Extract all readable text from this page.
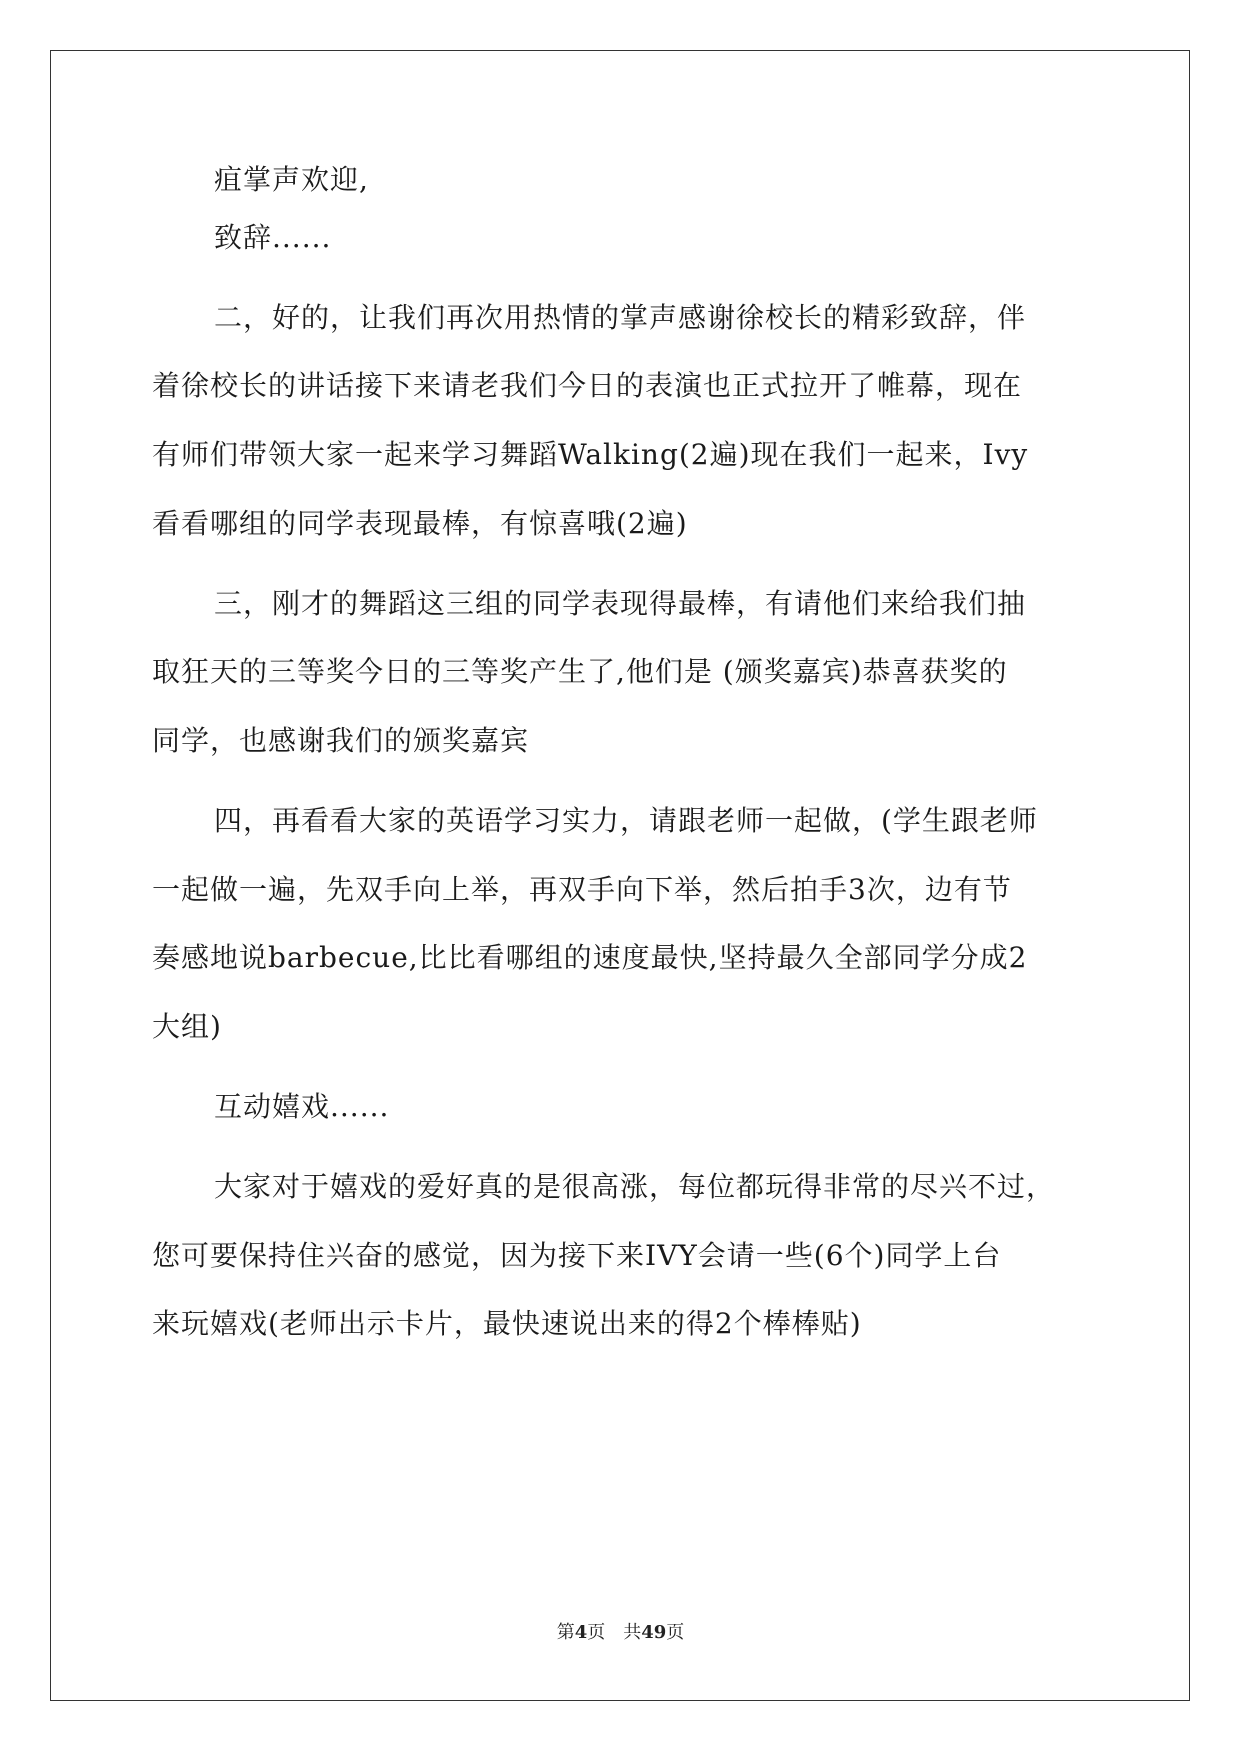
疽掌声欢迎,
致辞......
二，好的，让我们再次用热情的掌声感谢徐校长的精彩致辞，伴
着徐校长的讲话接下来请老我们今日的表演也正式拉开了帷幕，现在
有师们带领大家一起来学习舞蹈Walking(2遍)现在我们一起来，Ivy
看看哪组的同学表现最棒，有惊喜哦(2遍)
三，刚才的舞蹈这三组的同学表现得最棒，有请他们来给我们抽
取狂天的三等奖今日的三等奖产生了,他们是 (颁奖嘉宾)恭喜获奖的
同学，也感谢我们的颁奖嘉宾
四，再看看大家的英语学习实力，请跟老师一起做，(学生跟老师
一起做一遍，先双手向上举，再双手向下举，然后拍手3次，边有节
奏感地说barbecue,比比看哪组的速度最快,坚持最久全部同学分成2
大组)
互动嬉戏......
大家对于嬉戏的爱好真的是很高涨，每位都玩得非常的尽兴不过，
您可要保持住兴奋的感觉，因为接下来IVY会请一些(6个)同学上台
来玩嬉戏(老师出示卡片，最快速说出来的得2个棒棒贴)
第4页 共49页
